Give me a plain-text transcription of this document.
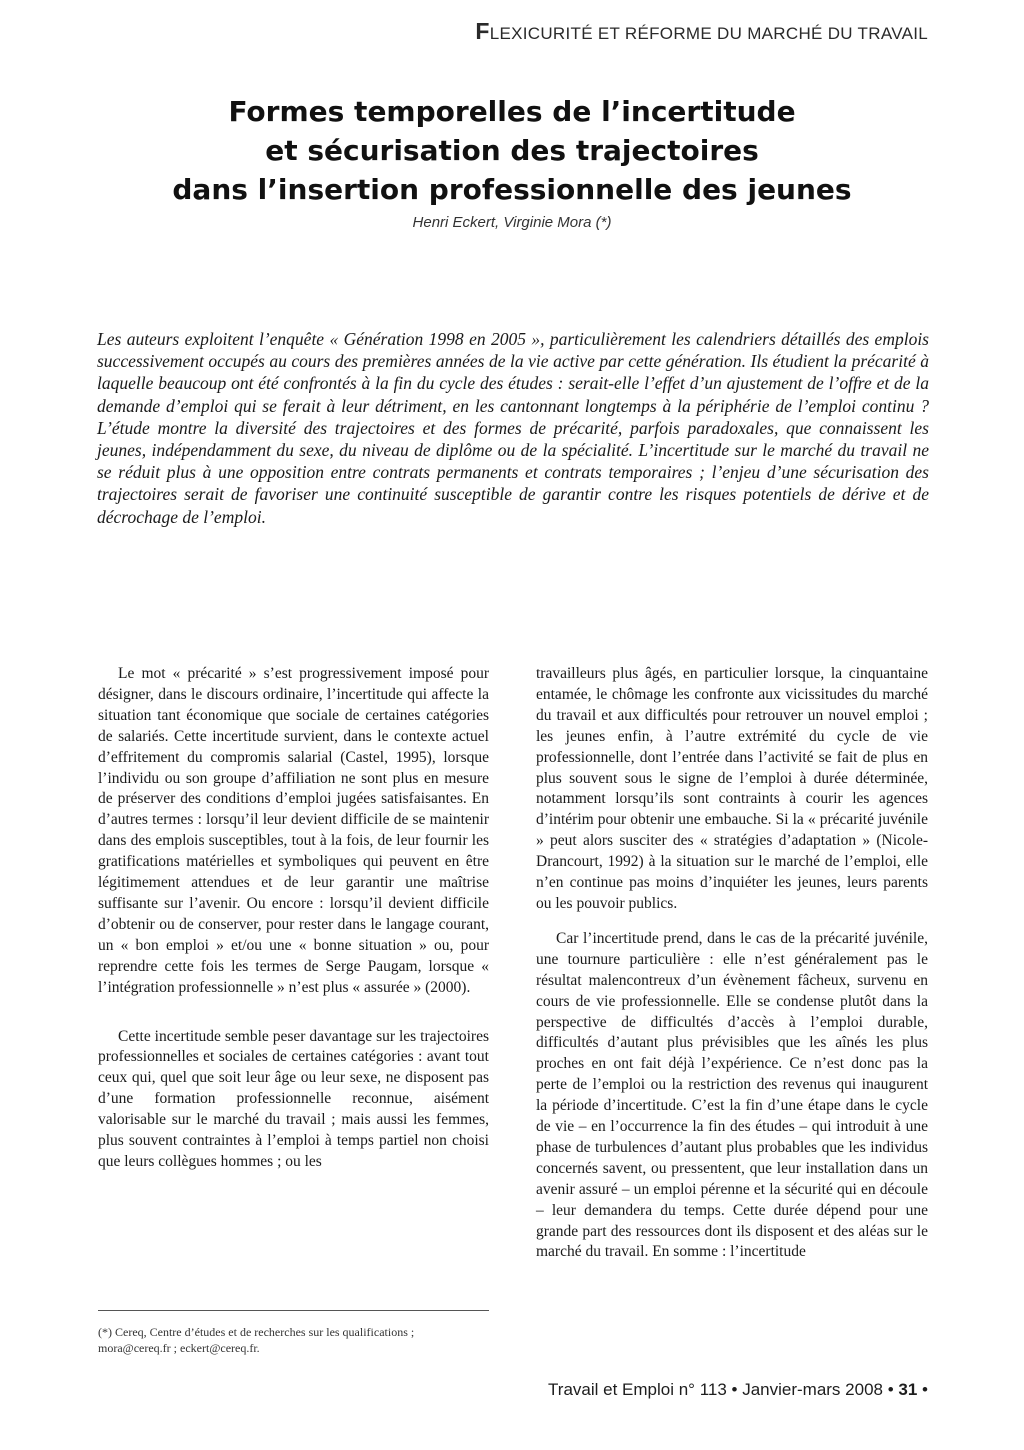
FLEXICURITÉ ET RÉFORME DU MARCHÉ DU TRAVAIL
Formes temporelles de l’incertitude
et sécurisation des trajectoires
dans l’insertion professionnelle des jeunes
Henri Eckert, Virginie Mora (*)
Les auteurs exploitent l’enquête « Génération 1998 en 2005 », particulièrement les calendriers détaillés des emplois successivement occupés au cours des premières années de la vie active par cette génération. Ils étudient la précarité à laquelle beaucoup ont été confrontés à la fin du cycle des études : serait-elle l’effet d’un ajustement de l’offre et de la demande d’emploi qui se ferait à leur détriment, en les cantonnant longtemps à la périphérie de l’emploi continu ? L’étude montre la diversité des trajectoires et des formes de précarité, parfois paradoxales, que connaissent les jeunes, indépendamment du sexe, du niveau de diplôme ou de la spécialité. L’incertitude sur le marché du travail ne se réduit plus à une opposition entre contrats permanents et contrats temporaires ; l’enjeu d’une sécurisation des trajectoires serait de favoriser une continuité susceptible de garantir contre les risques potentiels de dérive et de décrochage de l’emploi.

Le mot « précarité » s’est progressivement imposé pour désigner, dans le discours ordinaire, l’incertitude qui affecte la situation tant économique que sociale de certaines catégories de salariés. Cette incertitude survient, dans le contexte actuel d’effritement du compromis salarial (Castel, 1995), lorsque l’individu ou son groupe d’affiliation ne sont plus en mesure de préserver des conditions d’emploi jugées satisfaisantes. En d’autres termes : lorsqu’il leur devient difficile de se maintenir dans des emplois susceptibles, tout à la fois, de leur fournir les gratifications matérielles et symboliques qui peuvent en être légitimement attendues et de leur garantir une maîtrise suffisante sur l’avenir. Ou encore : lorsqu’il devient difficile d’obtenir ou de conserver, pour rester dans le langage courant, un « bon emploi » et/ou une « bonne situation » ou, pour reprendre cette fois les termes de Serge Paugam, lorsque « l’intégration professionnelle » n’est plus « assurée » (2000).

Cette incertitude semble peser davantage sur les trajectoires professionnelles et sociales de certaines catégories : avant tout ceux qui, quel que soit leur âge ou leur sexe, ne disposent pas d’une formation professionnelle reconnue, aisément valorisable sur le marché du travail ; mais aussi les femmes, plus souvent contraintes à l’emploi à temps partiel non choisi que leurs collègues hommes ; ou les

travailleurs plus âgés, en particulier lorsque, la cinquantaine entamée, le chômage les confronte aux vicissitudes du marché du travail et aux difficultés pour retrouver un nouvel emploi ; les jeunes enfin, à l’autre extrémité du cycle de vie professionnelle, dont l’entrée dans l’activité se fait de plus en plus souvent sous le signe de l’emploi à durée déterminée, notamment lorsqu’ils sont contraints à courir les agences d’intérim pour obtenir une embauche. Si la « précarité juvénile » peut alors susciter des « stratégies d’adaptation » (Nicole-Drancourt, 1992) à la situation sur le marché de l’emploi, elle n’en continue pas moins d’inquiéter les jeunes, leurs parents ou les pouvoir publics.

Car l’incertitude prend, dans le cas de la précarité juvénile, une tournure particulière : elle n’est généralement pas le résultat malencontreux d’un évènement fâcheux, survenu en cours de vie professionnelle. Elle se condense plutôt dans la perspective de difficultés d’accès à l’emploi durable, difficultés d’autant plus prévisibles que les aînés les plus proches en ont fait déjà l’expérience. Ce n’est donc pas la perte de l’emploi ou la restriction des revenus qui inaugurent la période d’incertitude. C’est la fin d’une étape dans le cycle de vie – en l’occurrence la fin des études – qui introduit à une phase de turbulences d’autant plus probables que les individus concernés savent, ou pressentent, que leur installation dans un avenir assuré – un emploi pérenne et la sécurité qui en découle – leur demandera du temps. Cette durée dépend pour une grande part des ressources dont ils disposent et des aléas sur le marché du travail. En somme : l’incertitude

(*) Cereq, Centre d’études et de recherches sur les qualifications ; mora@cereq.fr ; eckert@cereq.fr.
Travail et Emploi n° 113 • Janvier-mars 2008 • 31 •
